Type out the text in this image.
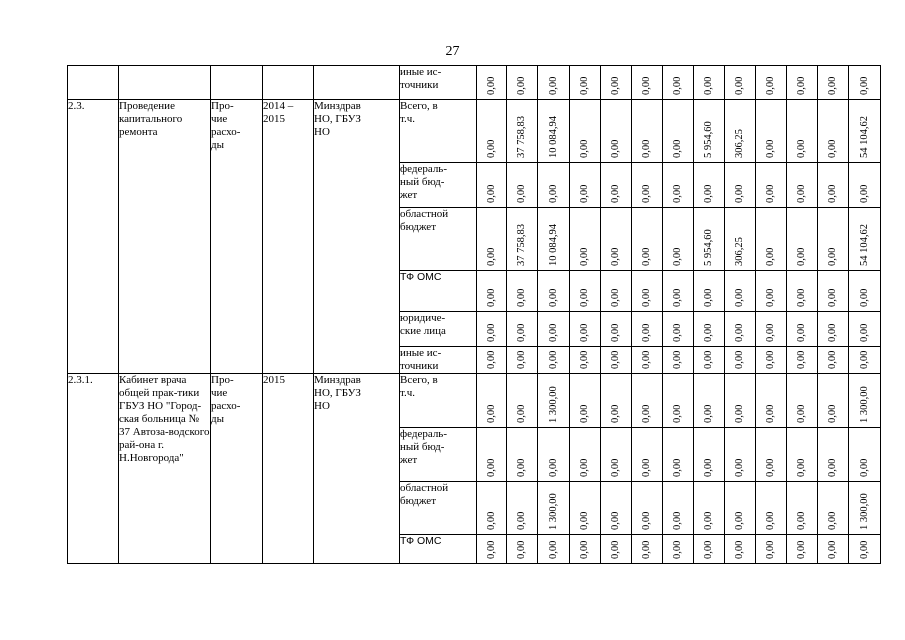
27
					иные ис-
точники	0,00	0,00	0,00	0,00	0,00	0,00	0,00	0,00	0,00	0,00	0,00	0,00	0,00

2.3.	Проведение капитального ремонта	Про-
чие
расхо-
ды	2014 –
2015	Минздрав
НО, ГБУЗ
НО	Всего, в
т.ч.	0,00	37 758,83	10 084,94	0,00	0,00	0,00	0,00	5 954,60	306,25	0,00	0,00	0,00	54 104,62

					федераль-
ный бюд-
жет	0,00	0,00	0,00	0,00	0,00	0,00	0,00	0,00	0,00	0,00	0,00	0,00	0,00

					областной
бюджет	0,00	37 758,83	10 084,94	0,00	0,00	0,00	0,00	5 954,60	306,25	0,00	0,00	0,00	54 104,62

					ТФ ОМС	0,00	0,00	0,00	0,00	0,00	0,00	0,00	0,00	0,00	0,00	0,00	0,00	0,00

					юридиче-
ские лица	0,00	0,00	0,00	0,00	0,00	0,00	0,00	0,00	0,00	0,00	0,00	0,00	0,00

					иные ис-
точники	0,00	0,00	0,00	0,00	0,00	0,00	0,00	0,00	0,00	0,00	0,00	0,00	0,00

2.3.1.	Кабинет врача общей прак-тики ГБУЗ НО "Город-ская больница № 37 Автоза-водского рай-она г. Н.Новгорода"	Про-
чие
расхо-
ды	2015	Минздрав
НО, ГБУЗ
НО	Всего, в
т.ч.	0,00	0,00	1 300,00	0,00	0,00	0,00	0,00	0,00	0,00	0,00	0,00	0,00	1 300,00

					федераль-
ный бюд-
жет	0,00	0,00	0,00	0,00	0,00	0,00	0,00	0,00	0,00	0,00	0,00	0,00	0,00

					областной
бюджет	0,00	0,00	1 300,00	0,00	0,00	0,00	0,00	0,00	0,00	0,00	0,00	0,00	1 300,00

					ТФ ОМС	0,00	0,00	0,00	0,00	0,00	0,00	0,00	0,00	0,00	0,00	0,00	0,00	0,00
